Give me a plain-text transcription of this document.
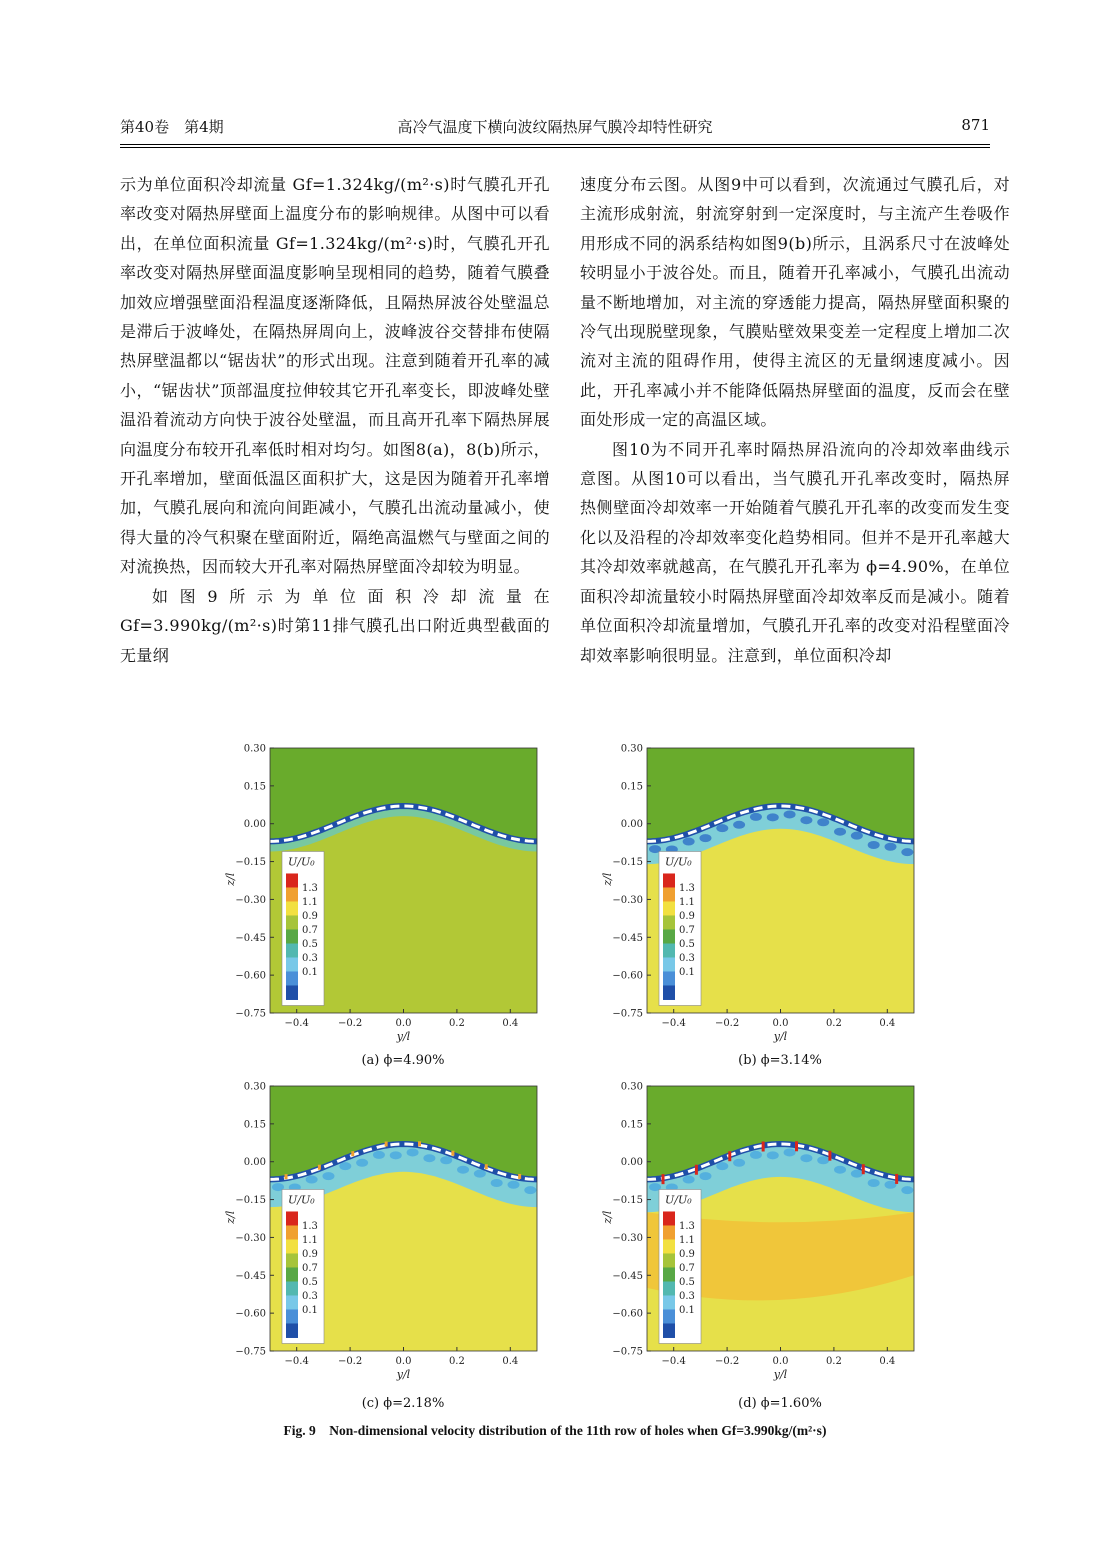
第40卷　第4期	高冷气温度下横向波纹隔热屏气膜冷却特性研究	871

示为单位面积冷却流量 Gf=1.324kg/(m²·s)时气膜孔开孔率改变对隔热屏壁面上温度分布的影响规律。从图中可以看出，在单位面积流量 Gf=1.324kg/(m²·s)时，气膜孔开孔率改变对隔热屏壁面温度影响呈现相同的趋势，随着气膜叠加效应增强壁面沿程温度逐渐降低，且隔热屏波谷处壁温总是滞后于波峰处，在隔热屏周向上，波峰波谷交替排布使隔热屏壁温都以“锯齿状”的形式出现。注意到随着开孔率的减小，“锯齿状”顶部温度拉伸较其它开孔率变长，即波峰处壁温沿着流动方向快于波谷处壁温，而且高开孔率下隔热屏展向温度分布较开孔率低时相对均匀。如图8(a)，8(b)所示，开孔率增加，壁面低温区面积扩大，这是因为随着开孔率增加，气膜孔展向和流向间距减小，气膜孔出流动量减小，使得大量的冷气积聚在壁面附近，隔绝高温燃气与壁面之间的对流换热，因而较大开孔率对隔热屏壁面冷却较为明显。

如图9所示为单位面积冷却流量在 Gf=3.990kg/(m²·s)时第11排气膜孔出口附近典型截面的无量纲

速度分布云图。从图9中可以看到，次流通过气膜孔后，对主流形成射流，射流穿射到一定深度时，与主流产生卷吸作用形成不同的涡系结构如图9(b)所示，且涡系尺寸在波峰处较明显小于波谷处。而且，随着开孔率减小，气膜孔出流动量不断地增加，对主流的穿透能力提高，隔热屏壁面积聚的冷气出现脱壁现象，气膜贴壁效果变差一定程度上增加二次流对主流的阻碍作用，使得主流区的无量纲速度减小。因此，开孔率减小并不能降低隔热屏壁面的温度，反而会在壁面处形成一定的高温区域。

图10为不同开孔率时隔热屏沿流向的冷却效率曲线示意图。从图10可以看出，当气膜孔开孔率改变时，隔热屏热侧壁面冷却效率一开始随着气膜孔开孔率的改变而发生变化以及沿程的冷却效率变化趋势相同。但并不是开孔率越大其冷却效率就越高，在气膜孔开孔率为 ϕ=4.90%，在单位面积冷却流量较小时隔热屏壁面冷却效率反而是减小。随着单位面积冷却流量增加，气膜孔开孔率的改变对沿程壁面冷却效率影响很明显。注意到，单位面积冷却

0.30
0.15
0.00
−0.15
−0.30
−0.45
−0.60
−0.75
−0.4	−0.2	0.0	0.2	0.4
y/l
z/l
U/U₀
1.3
1.1
0.9
0.7
0.5
0.3
0.1
0.30
0.15
0.00
−0.15
−0.30
−0.45
−0.60
−0.75
−0.4	−0.2	0.0	0.2	0.4
y/l
z/l
U/U₀
1.3
1.1
0.9
0.7
0.5
0.3
0.1
0.30
0.15
0.00
−0.15
−0.30
−0.45
−0.60
−0.75
−0.4	−0.2	0.0	0.2	0.4
y/l
z/l
U/U₀
1.3
1.1
0.9
0.7
0.5
0.3
0.1
0.30
0.15
0.00
−0.15
−0.30
−0.45
−0.60
−0.75
−0.4	−0.2	0.0	0.2	0.4
y/l
z/l
U/U₀
1.3
1.1
0.9
0.7
0.5
0.3
0.1
(a) ϕ=4.90%	(b) ϕ=3.14%
(c) ϕ=2.18%	(d) ϕ=1.60%
Fig. 9　Non-dimensional velocity distribution of the 11th row of holes when Gf=3.990kg/(m²·s)
